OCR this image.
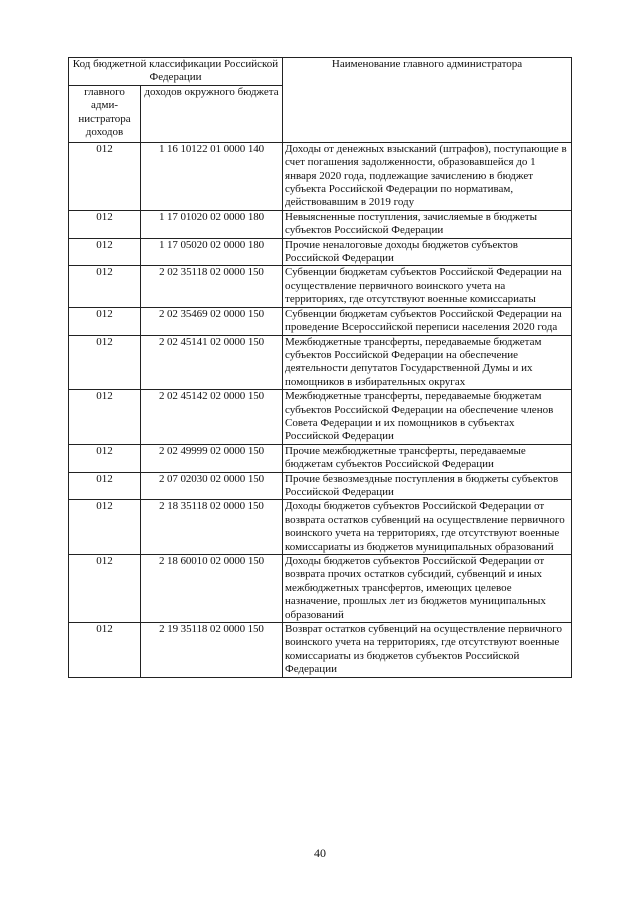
Код бюджетной классификации Российской Федерации		Наименование главного администратора
главного адми-нистратора доходов	доходов окружного бюджета	
012	1 16 10122 01 0000 140	Доходы от денежных взысканий (штрафов), поступающие в счет погашения задолженности, образовавшейся до 1 января 2020 года, подлежащие зачислению в бюджет субъекта Российской Федерации по нормативам, действовавшим в 2019 году
012	1 17 01020 02 0000 180	Невыясненные поступления, зачисляемые в бюджеты субъектов Российской Федерации
012	1 17 05020 02 0000 180	Прочие неналоговые доходы бюджетов субъектов Российской Федерации
012	2 02 35118 02 0000 150	Субвенции бюджетам субъектов Российской Федерации на осуществление первичного воинского учета на территориях, где отсутствуют военные комиссариаты
012	2 02 35469 02 0000 150	Субвенции бюджетам субъектов Российской Федерации на проведение Всероссийской переписи населения 2020 года
012	2 02 45141 02 0000 150	Межбюджетные трансферты, передаваемые бюджетам субъектов Российской Федерации на обеспечение деятельности депутатов Государственной Думы и их помощников в избирательных округах
012	2 02 45142 02 0000 150	Межбюджетные трансферты, передаваемые бюджетам субъектов Российской Федерации на обеспечение членов Совета Федерации и их помощников в субъектах Российской Федерации
012	2 02 49999 02 0000 150	Прочие межбюджетные трансферты, передаваемые бюджетам субъектов Российской Федерации
012	2 07 02030 02 0000 150	Прочие безвозмездные поступления в бюджеты субъектов Российской Федерации
012	2 18 35118 02 0000 150	Доходы бюджетов субъектов Российской Федерации от возврата остатков субвенций на осуществление первичного воинского учета на территориях, где отсутствуют военные комиссариаты из бюджетов муниципальных образований
012	2 18 60010 02 0000 150	Доходы бюджетов субъектов Российской Федерации от возврата прочих остатков субсидий, субвенций и иных межбюджетных трансфертов, имеющих целевое назначение, прошлых лет из бюджетов муниципальных образований
012	2 19 35118 02 0000 150	Возврат остатков субвенций на осуществление первичного воинского учета на территориях, где отсутствуют военные комиссариаты из бюджетов субъектов Российской Федерации
40
